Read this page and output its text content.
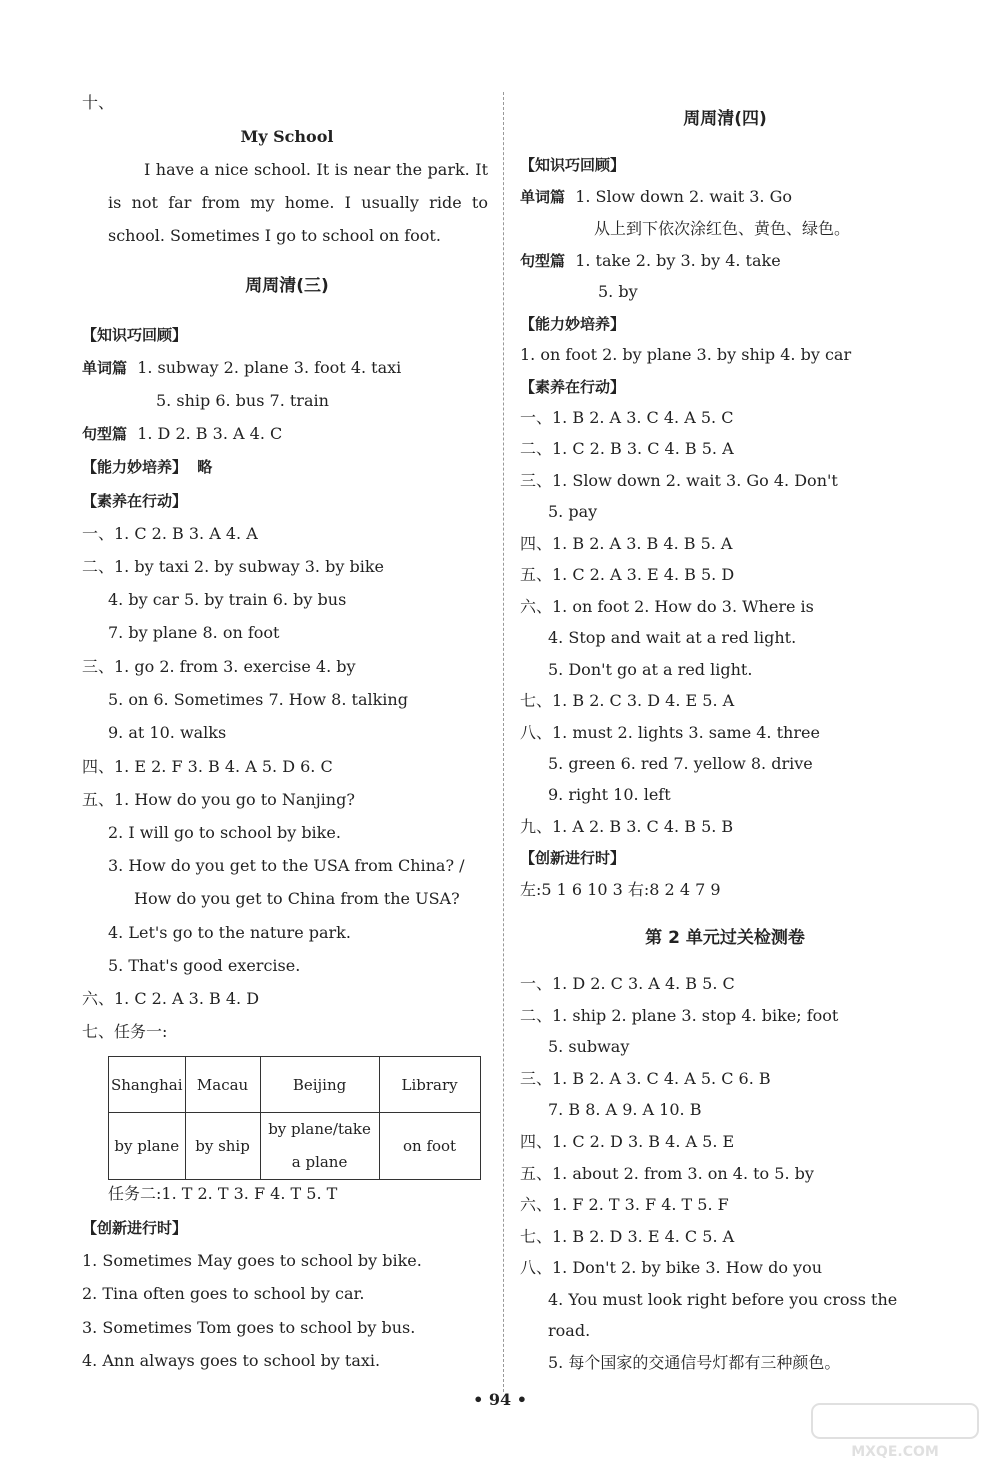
十、
My School
I have a nice school. It is near the park. It is not far from my home. I usually ride to school. Sometimes I go to school on foot.
周周清(三)
【知识巧回顾】
单词篇 1. subway 2. plane 3. foot 4. taxi
5. ship 6. bus 7. train
句型篇 1. D 2. B 3. A 4. C
【能力妙培养】 略
【素养在行动】
一、1. C 2. B 3. A 4. A
二、1. by taxi 2. by subway 3. by bike
4. by car 5. by train 6. by bus
7. by plane 8. on foot
三、1. go 2. from 3. exercise 4. by
5. on 6. Sometimes 7. How 8. talking
9. at 10. walks
四、1. E 2. F 3. B 4. A 5. D 6. C
五、1. How do you go to Nanjing?
2. I will go to school by bike.
3. How do you get to the USA from China? /
How do you get to China from the USA?
4. Let's go to the nature park.
5. That's good exercise.
六、1. C 2. A 3. B 4. D
七、任务一:
Shanghai	Macau	Beijing	Library
by plane	by ship	by plane/take a plane	on foot
任务二:1. T 2. T 3. F 4. T 5. T
【创新进行时】
1. Sometimes May goes to school by bike.
2. Tina often goes to school by car.
3. Sometimes Tom goes to school by bus.
4. Ann always goes to school by taxi.
周周清(四)
【知识巧回顾】
单词篇 1. Slow down 2. wait 3. Go
从上到下依次涂红色、黄色、绿色。
句型篇 1. take 2. by 3. by 4. take
5. by
【能力妙培养】
1. on foot 2. by plane 3. by ship 4. by car
【素养在行动】
一、1. B 2. A 3. C 4. A 5. C
二、1. C 2. B 3. C 4. B 5. A
三、1. Slow down 2. wait 3. Go 4. Don't
5. pay
四、1. B 2. A 3. B 4. B 5. A
五、1. C 2. A 3. E 4. B 5. D
六、1. on foot 2. How do 3. Where is
4. Stop and wait at a red light.
5. Don't go at a red light.
七、1. B 2. C 3. D 4. E 5. A
八、1. must 2. lights 3. same 4. three
5. green 6. red 7. yellow 8. drive
9. right 10. left
九、1. A 2. B 3. C 4. B 5. B
【创新进行时】
左:5 1 6 10 3 右:8 2 4 7 9
第 2 单元过关检测卷
一、1. D 2. C 3. A 4. B 5. C
二、1. ship 2. plane 3. stop 4. bike; foot
5. subway
三、1. B 2. A 3. C 4. A 5. C 6. B
7. B 8. A 9. A 10. B
四、1. C 2. D 3. B 4. A 5. E
五、1. about 2. from 3. on 4. to 5. by
六、1. F 2. T 3. F 4. T 5. F
七、1. B 2. D 3. E 4. C 5. A
八、1. Don't 2. by bike 3. How do you
4. You must look right before you cross the
road.
5. 每个国家的交通信号灯都有三种颜色。
• 94 •
MXQE.COM
